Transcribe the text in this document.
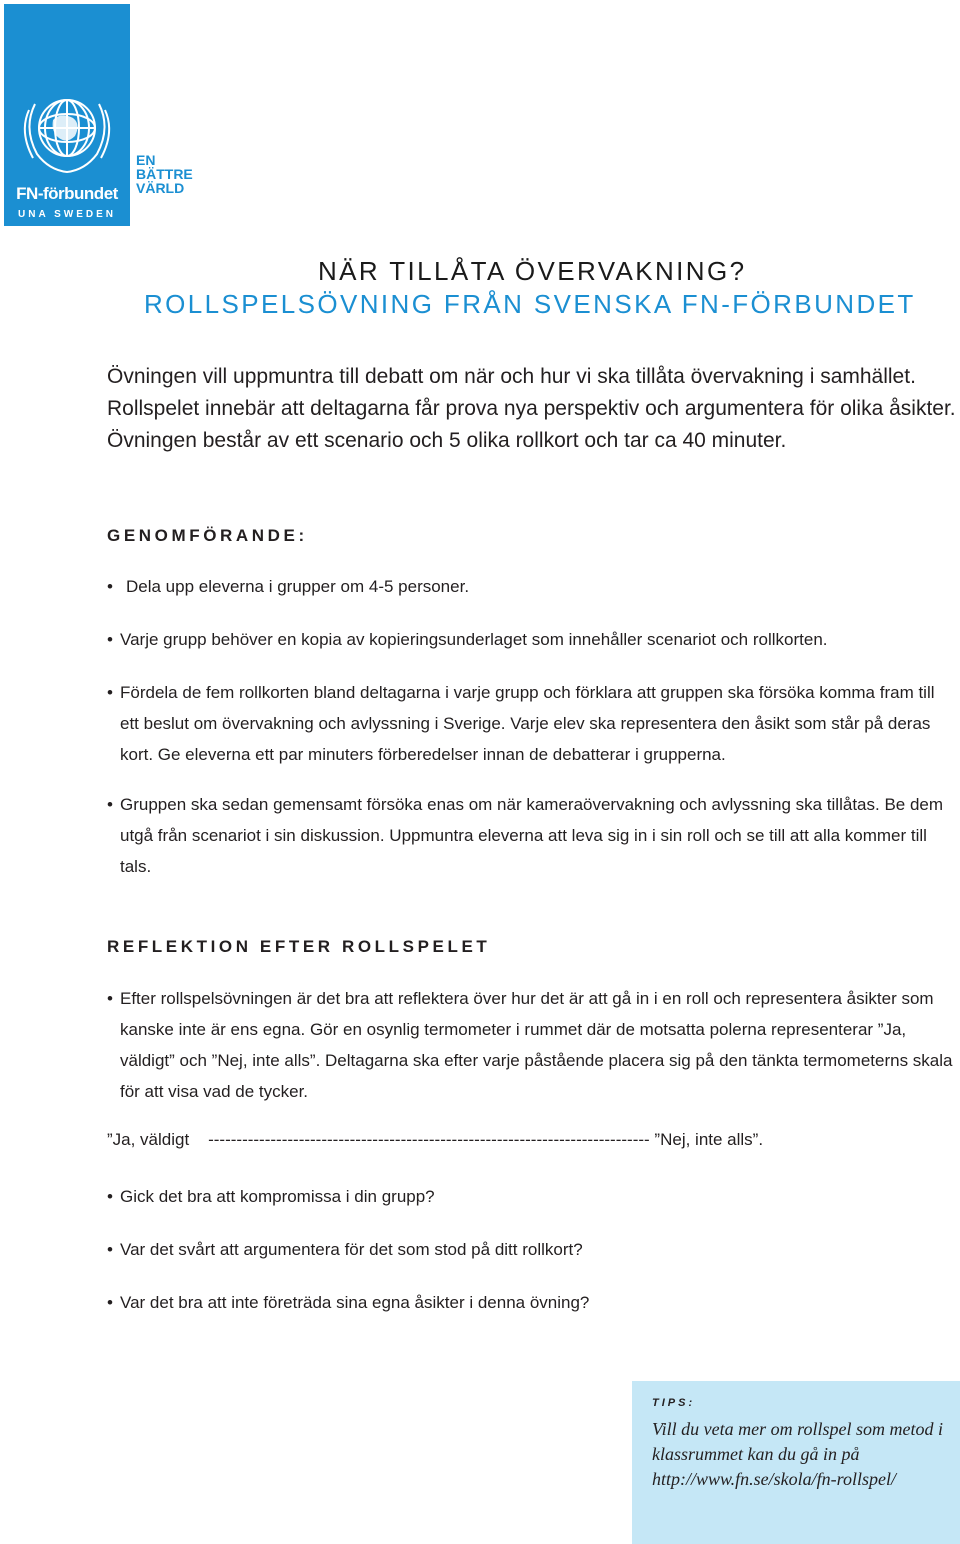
FN-förbundet
UNA SWEDEN
EN
BÄTTRE
VÄRLD
NÄR TILLÅTA ÖVERVAKNING?
ROLLSPELSÖVNING FRÅN SVENSKA FN-FÖRBUNDET

Övningen vill uppmuntra till debatt om när och hur vi ska tillåta övervakning i samhället.

Rollspelet innebär att deltagarna får prova nya perspektiv och argumentera för olika åsikter.

Övningen består av ett scenario och 5 olika rollkort och tar ca 40 minuter.

GENOMFÖRANDE:
• Dela upp eleverna i grupper om 4-5 personer.
• Varje grupp behöver en kopia av kopieringsunderlaget som innehåller scenariot och rollkorten.
• Fördela de fem rollkorten bland deltagarna i varje grupp och förklara att gruppen ska försöka komma fram till ett beslut om övervakning och avlyssning i Sverige. Varje elev ska representera den åsikt som står på deras kort. Ge eleverna ett par minuters förberedelser innan de debatterar i grupperna.
• Gruppen ska sedan gemensamt försöka enas om när kameraövervakning och avlyssning ska tillåtas. Be dem utgå från scenariot i sin diskussion. Uppmuntra eleverna att leva sig in i sin roll och se till att alla kommer till tals.
REFLEKTION EFTER ROLLSPELET
• Efter rollspelsövningen är det bra att reflektera över hur det är att gå in i en roll och representera åsikter som kanske inte är ens egna. Gör en osynlig termometer i rummet där de motsatta polerna representerar ”Ja, väldigt” och ”Nej, inte alls”. Deltagarna ska efter varje påstående placera sig på den tänkta termometerns skala för att visa vad de tycker.
”Ja, väldigt ------------------------------------------------------------------------------ ”Nej, inte alls”.
• Gick det bra att kompromissa i din grupp?
• Var det svårt att argumentera för det som stod på ditt rollkort?
• Var det bra att inte företräda sina egna åsikter i denna övning?
TIPS:
Vill du veta mer om rollspel som metod i klassrummet kan du gå in på http://www.fn.se/skola/fn-rollspel/
